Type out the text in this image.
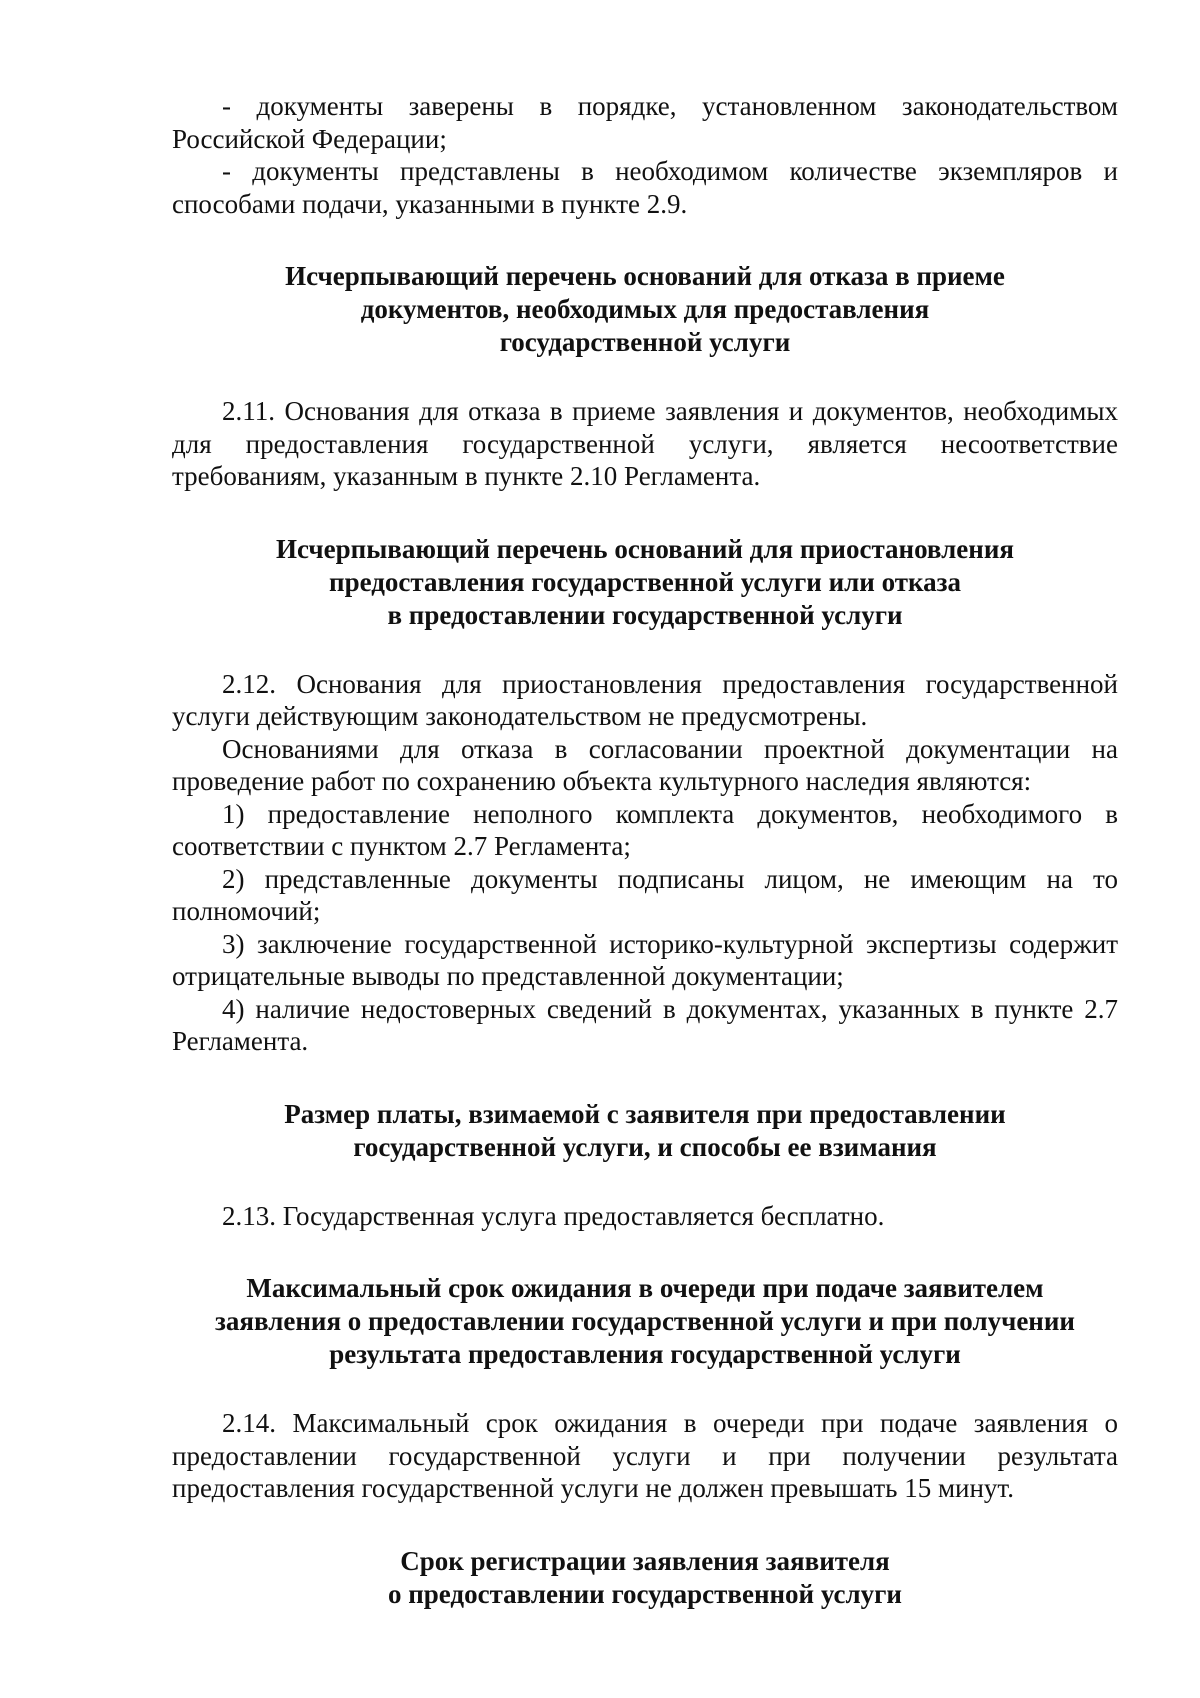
- документы заверены в порядке, установленном законодательством Российской Федерации;

- документы представлены в необходимом количестве экземпляров и способами подачи, указанными в пункте 2.9.

Исчерпывающий перечень оснований для отказа в приеме
документов, необходимых для предоставления
государственной услуги

2.11. Основания для отказа в приеме заявления и документов, необходимых для предоставления государственной услуги, является несоответствие требованиям, указанным в пункте 2.10 Регламента.

Исчерпывающий перечень оснований для приостановления
предоставления государственной услуги или отказа
в предоставлении государственной услуги

2.12. Основания для приостановления предоставления государственной услуги действующим законодательством не предусмотрены.

Основаниями для отказа в согласовании проектной документации на проведение работ по сохранению объекта культурного наследия являются:

1) предоставление неполного комплекта документов, необходимого в соответствии с пунктом 2.7 Регламента;

2) представленные документы подписаны лицом, не имеющим на то полномочий;

3) заключение государственной историко-культурной экспертизы содержит отрицательные выводы по представленной документации;

4) наличие недостоверных сведений в документах, указанных в пункте 2.7 Регламента.

Размер платы, взимаемой с заявителя при предоставлении
государственной услуги, и способы ее взимания

2.13. Государственная услуга предоставляется бесплатно.

Максимальный срок ожидания в очереди при подаче заявителем
заявления о предоставлении государственной услуги и при получении
результата предоставления государственной услуги

2.14. Максимальный срок ожидания в очереди при подаче заявления о предоставлении государственной услуги и при получении результата предоставления государственной услуги не должен превышать 15 минут.

Срок регистрации заявления заявителя
о предоставлении государственной услуги
